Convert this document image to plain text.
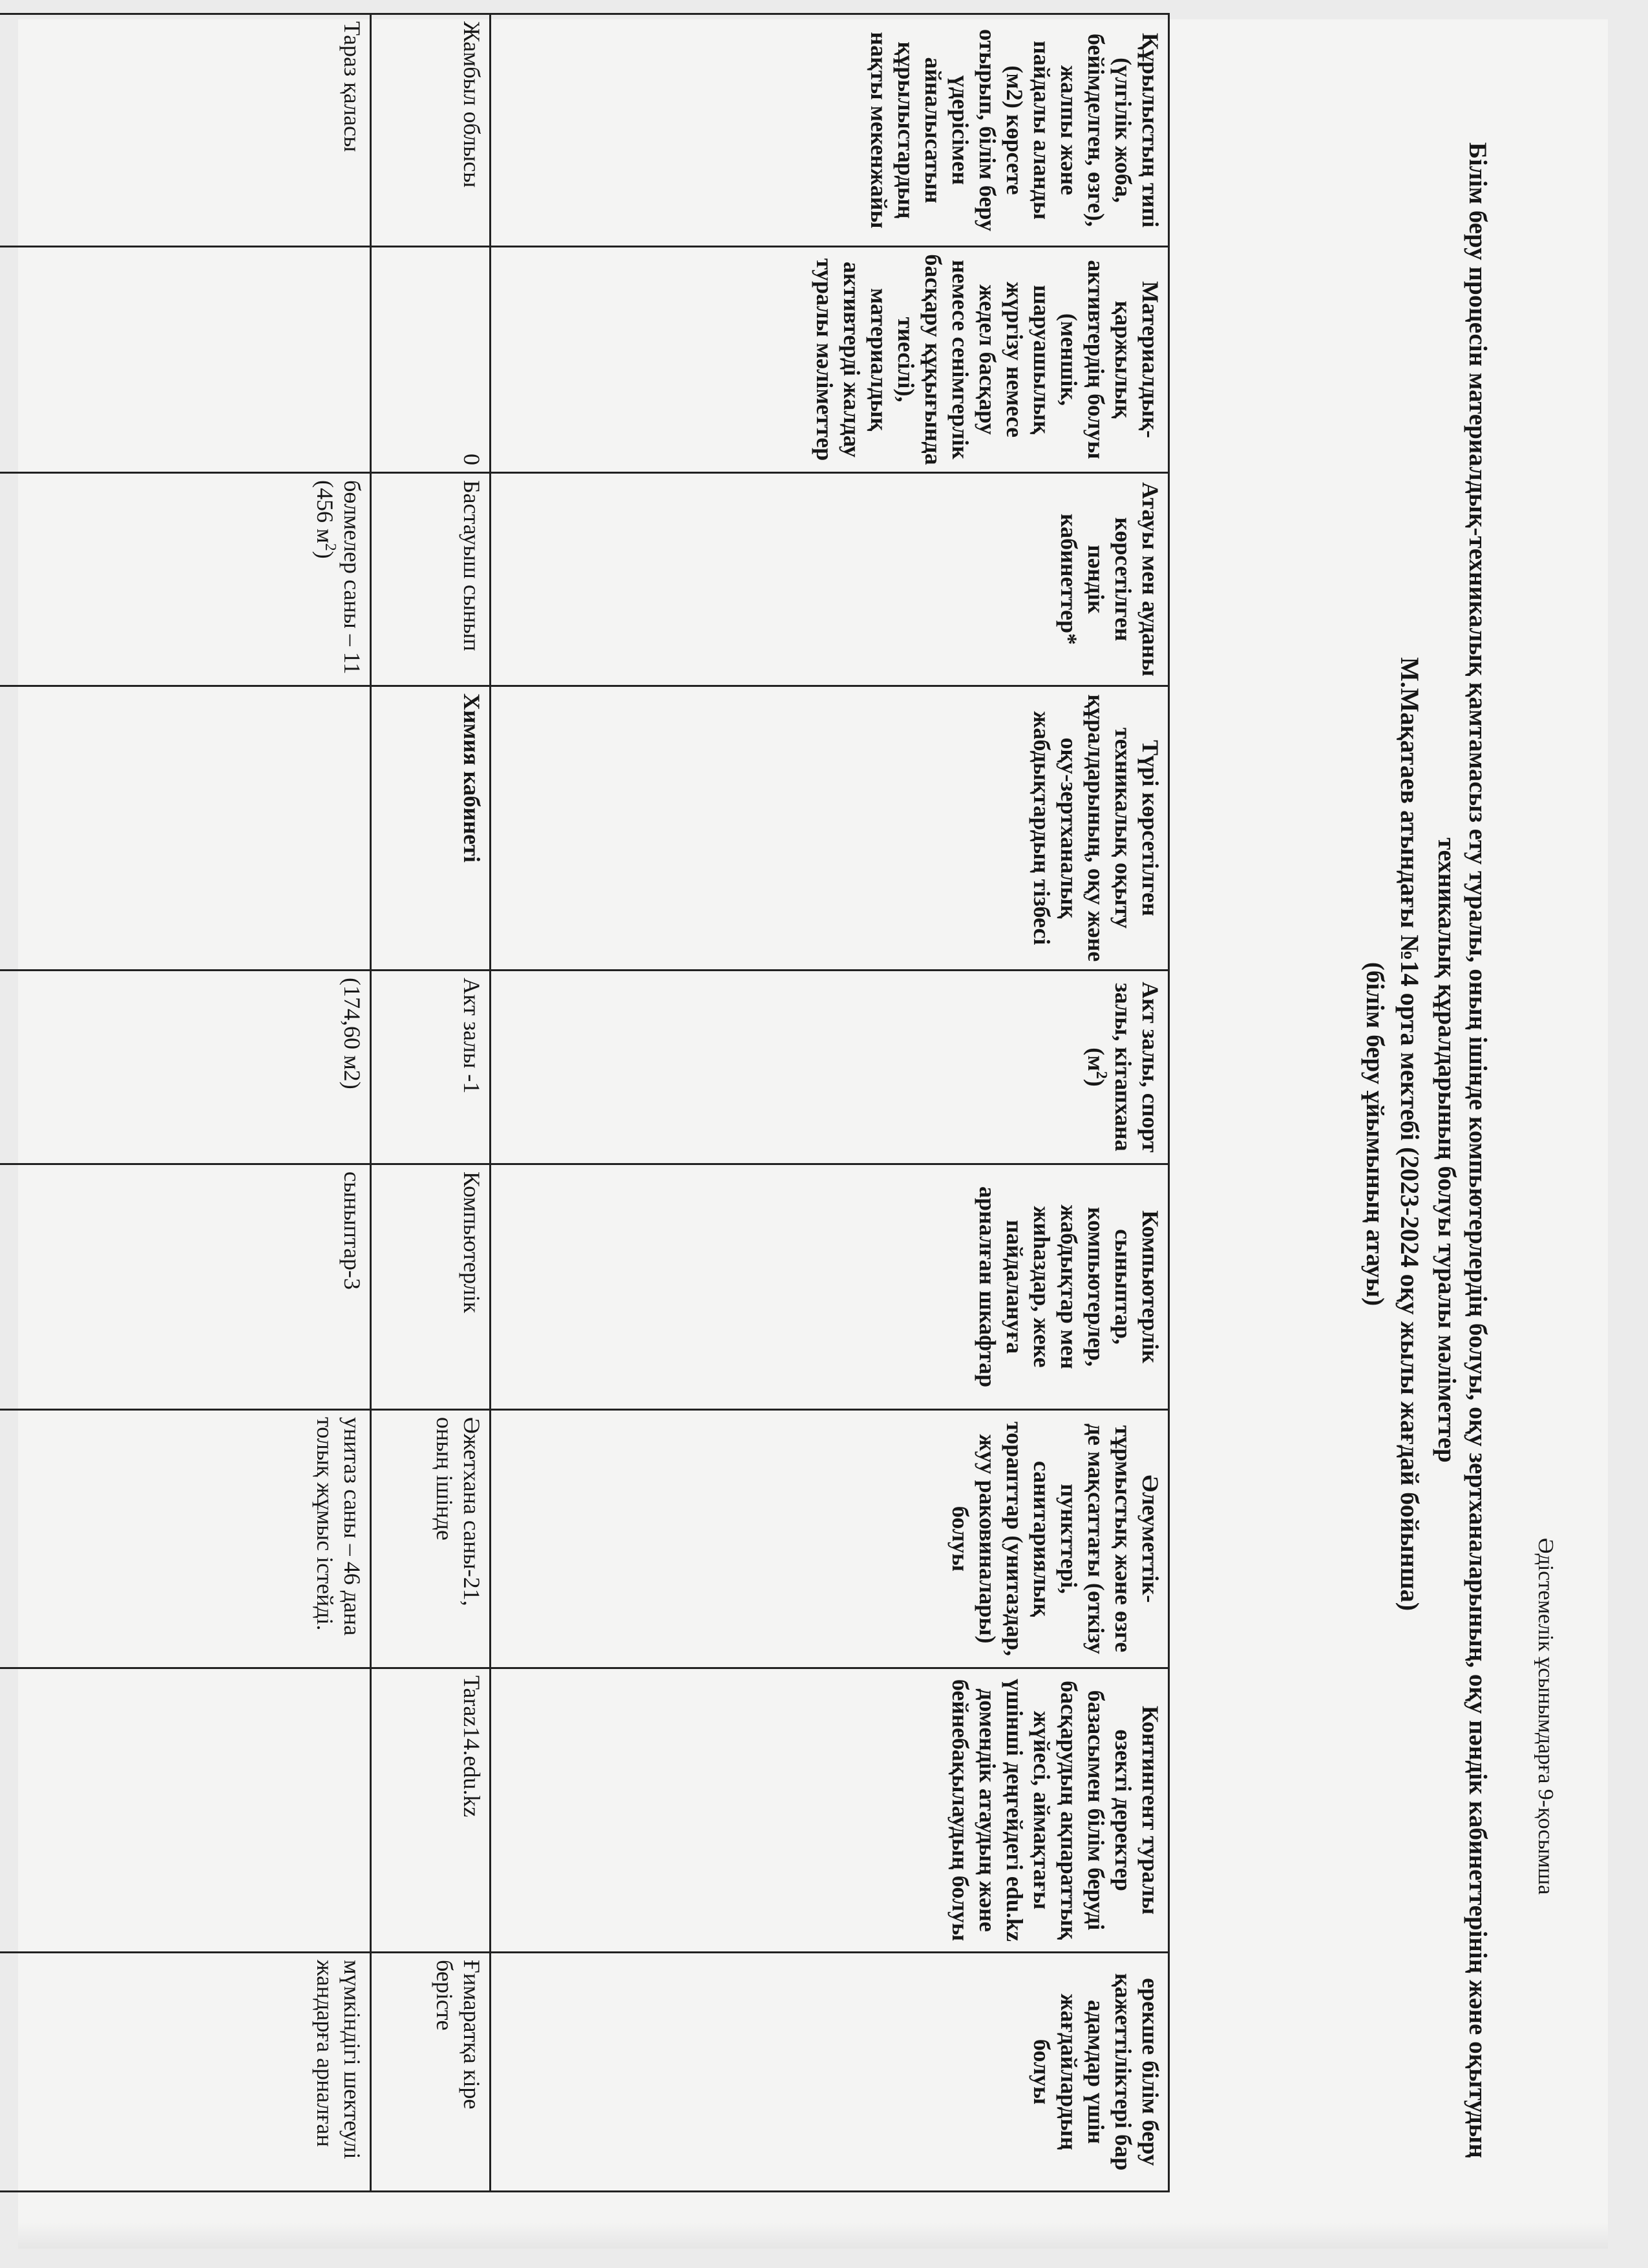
Әдістемелік ұсынымдарға 9-қосымша
Білім беру процесін материалдық-техникалық қамтамасыз ету туралы, оның ішінде компьютерлердің болуы, оқу зертханаларының, оқу пәндік кабинеттерінің және оқытудың техникалық құралдарының болуы туралы мәліметтер
М.Мақатаев атындағы №14 орта мектебі (2023-2024 оқу жылы жағдай бойынша)
(білім беру ұйымының атауы)
Құрылыстың типі (үлгілік жоба, бейімделген, өзге), жалпы және пайдалы аланды (м2) көрсете отырып, білім беру үдерісімен айналысатын құрылыстардың нақты мекенжайы	Материалдық-қаржылық активтердің болуы (меншік, шаруашылық жүргізу немесе жедел басқару немесе сенімгерлік басқару құқығында тиесілі), материалдық активтерді жалдау туралы мәліметтер	Атауы мен ауданы көрсетілген пәндік кабинеттер*	Түрі көрсетілген техникалық оқыту құралдарының, оқу және оқу-зертханалық жабдықтардың тізбесі	Акт залы, спорт залы, кітапхана $(м^2)$	Компьютерлік сыныптар, компьютерлер, жабдықтар мен жиһаздар, жеке пайдалануға арналған шкафтар	Әлеуметтік-тұрмыстық және өзге де мақсаттағы (өткізу пункттері, санитариялық торапттар (унитаздар, жуу раковиналары) болуы	Контингент туралы өзекті деректер базасымен білім беруді басқарудың ақпараттық жүйесі, аймақтағы үшінші деңгейдегі edu.kz домендік атаудың және бейнебақылаудың болуы	ерекше білім беру қажеттіліктері бар адамдар үшін жағдайлардың болуы
Жамбыл облысы	0	Бастауыш сынып	Химия кабинеті	Акт залы -1	Компьютерлік	Әжетхана саны-21, оның ішінде	Taraz14.edu.kz	Ғимаратқа кіре берісте
Тараз қаласы		бөлмелер саны – 11 (456 $м^2$)		(174,60 м2)	сыныптар-3	унитаз саны – 46 дана толық жұмыс істейді.		мүмкіндігі шектеулі жандарға арналған
